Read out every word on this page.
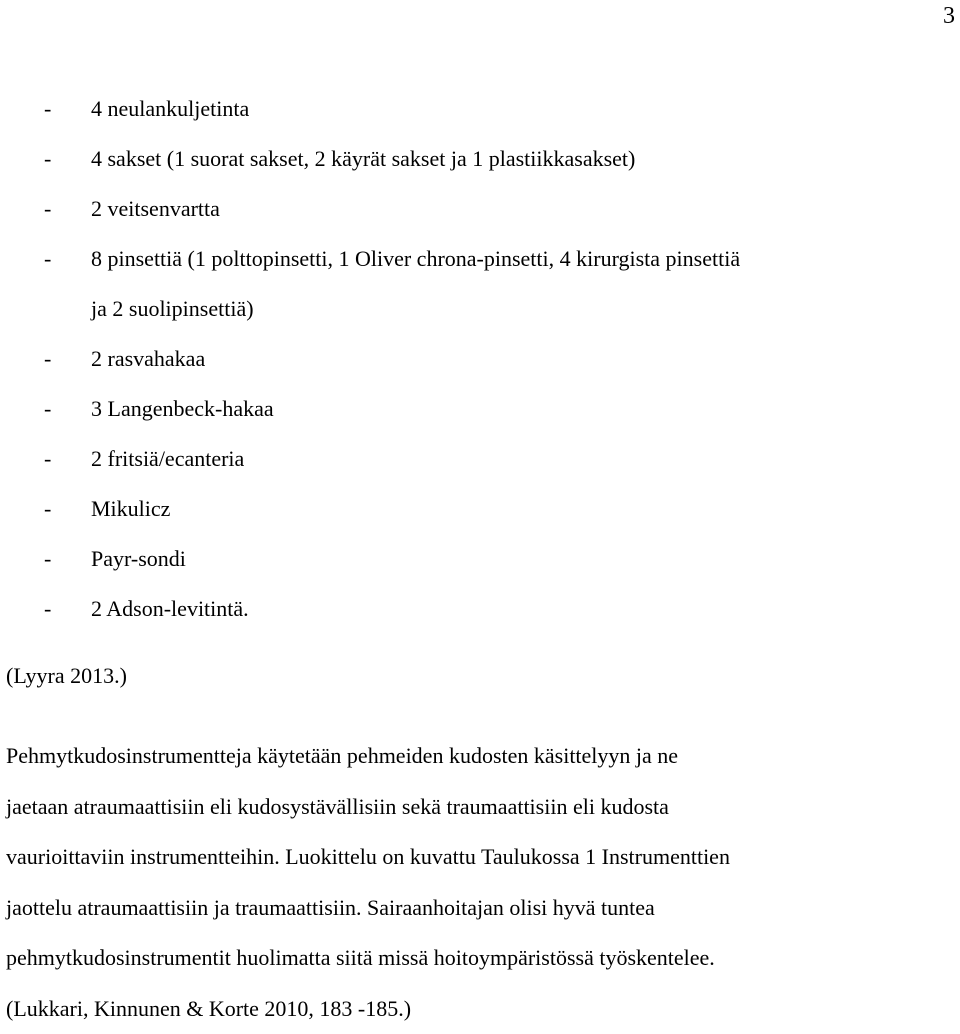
3
- 4 neulankuljetinta
- 4 sakset (1 suorat sakset, 2 käyrät sakset ja 1 plastiikkasakset)
- 2 veitsenvartta
- 8 pinsettiä (1 polttopinsetti, 1 Oliver chrona-pinsetti, 4 kirurgista pinsettiä
ja 2 suolipinsettiä)
- 2 rasvahakaa
- 3 Langenbeck-hakaa
- 2 fritsiä/ecanteria
- Mikulicz
- Payr-sondi
- 2 Adson-levitintä.
(Lyyra 2013.)
Pehmytkudosinstrumentteja käytetään pehmeiden kudosten käsittelyyn ja ne
jaetaan atraumaattisiin eli kudosystävällisiin sekä traumaattisiin eli kudosta
vaurioittaviin instrumentteihin. Luokittelu on kuvattu Taulukossa 1 Instrumenttien
jaottelu atraumaattisiin ja traumaattisiin. Sairaanhoitajan olisi hyvä tuntea
pehmytkudosinstrumentit huolimatta siitä missä hoitoympäristössä työskentelee.
(Lukkari, Kinnunen & Korte 2010, 183 -185.)
